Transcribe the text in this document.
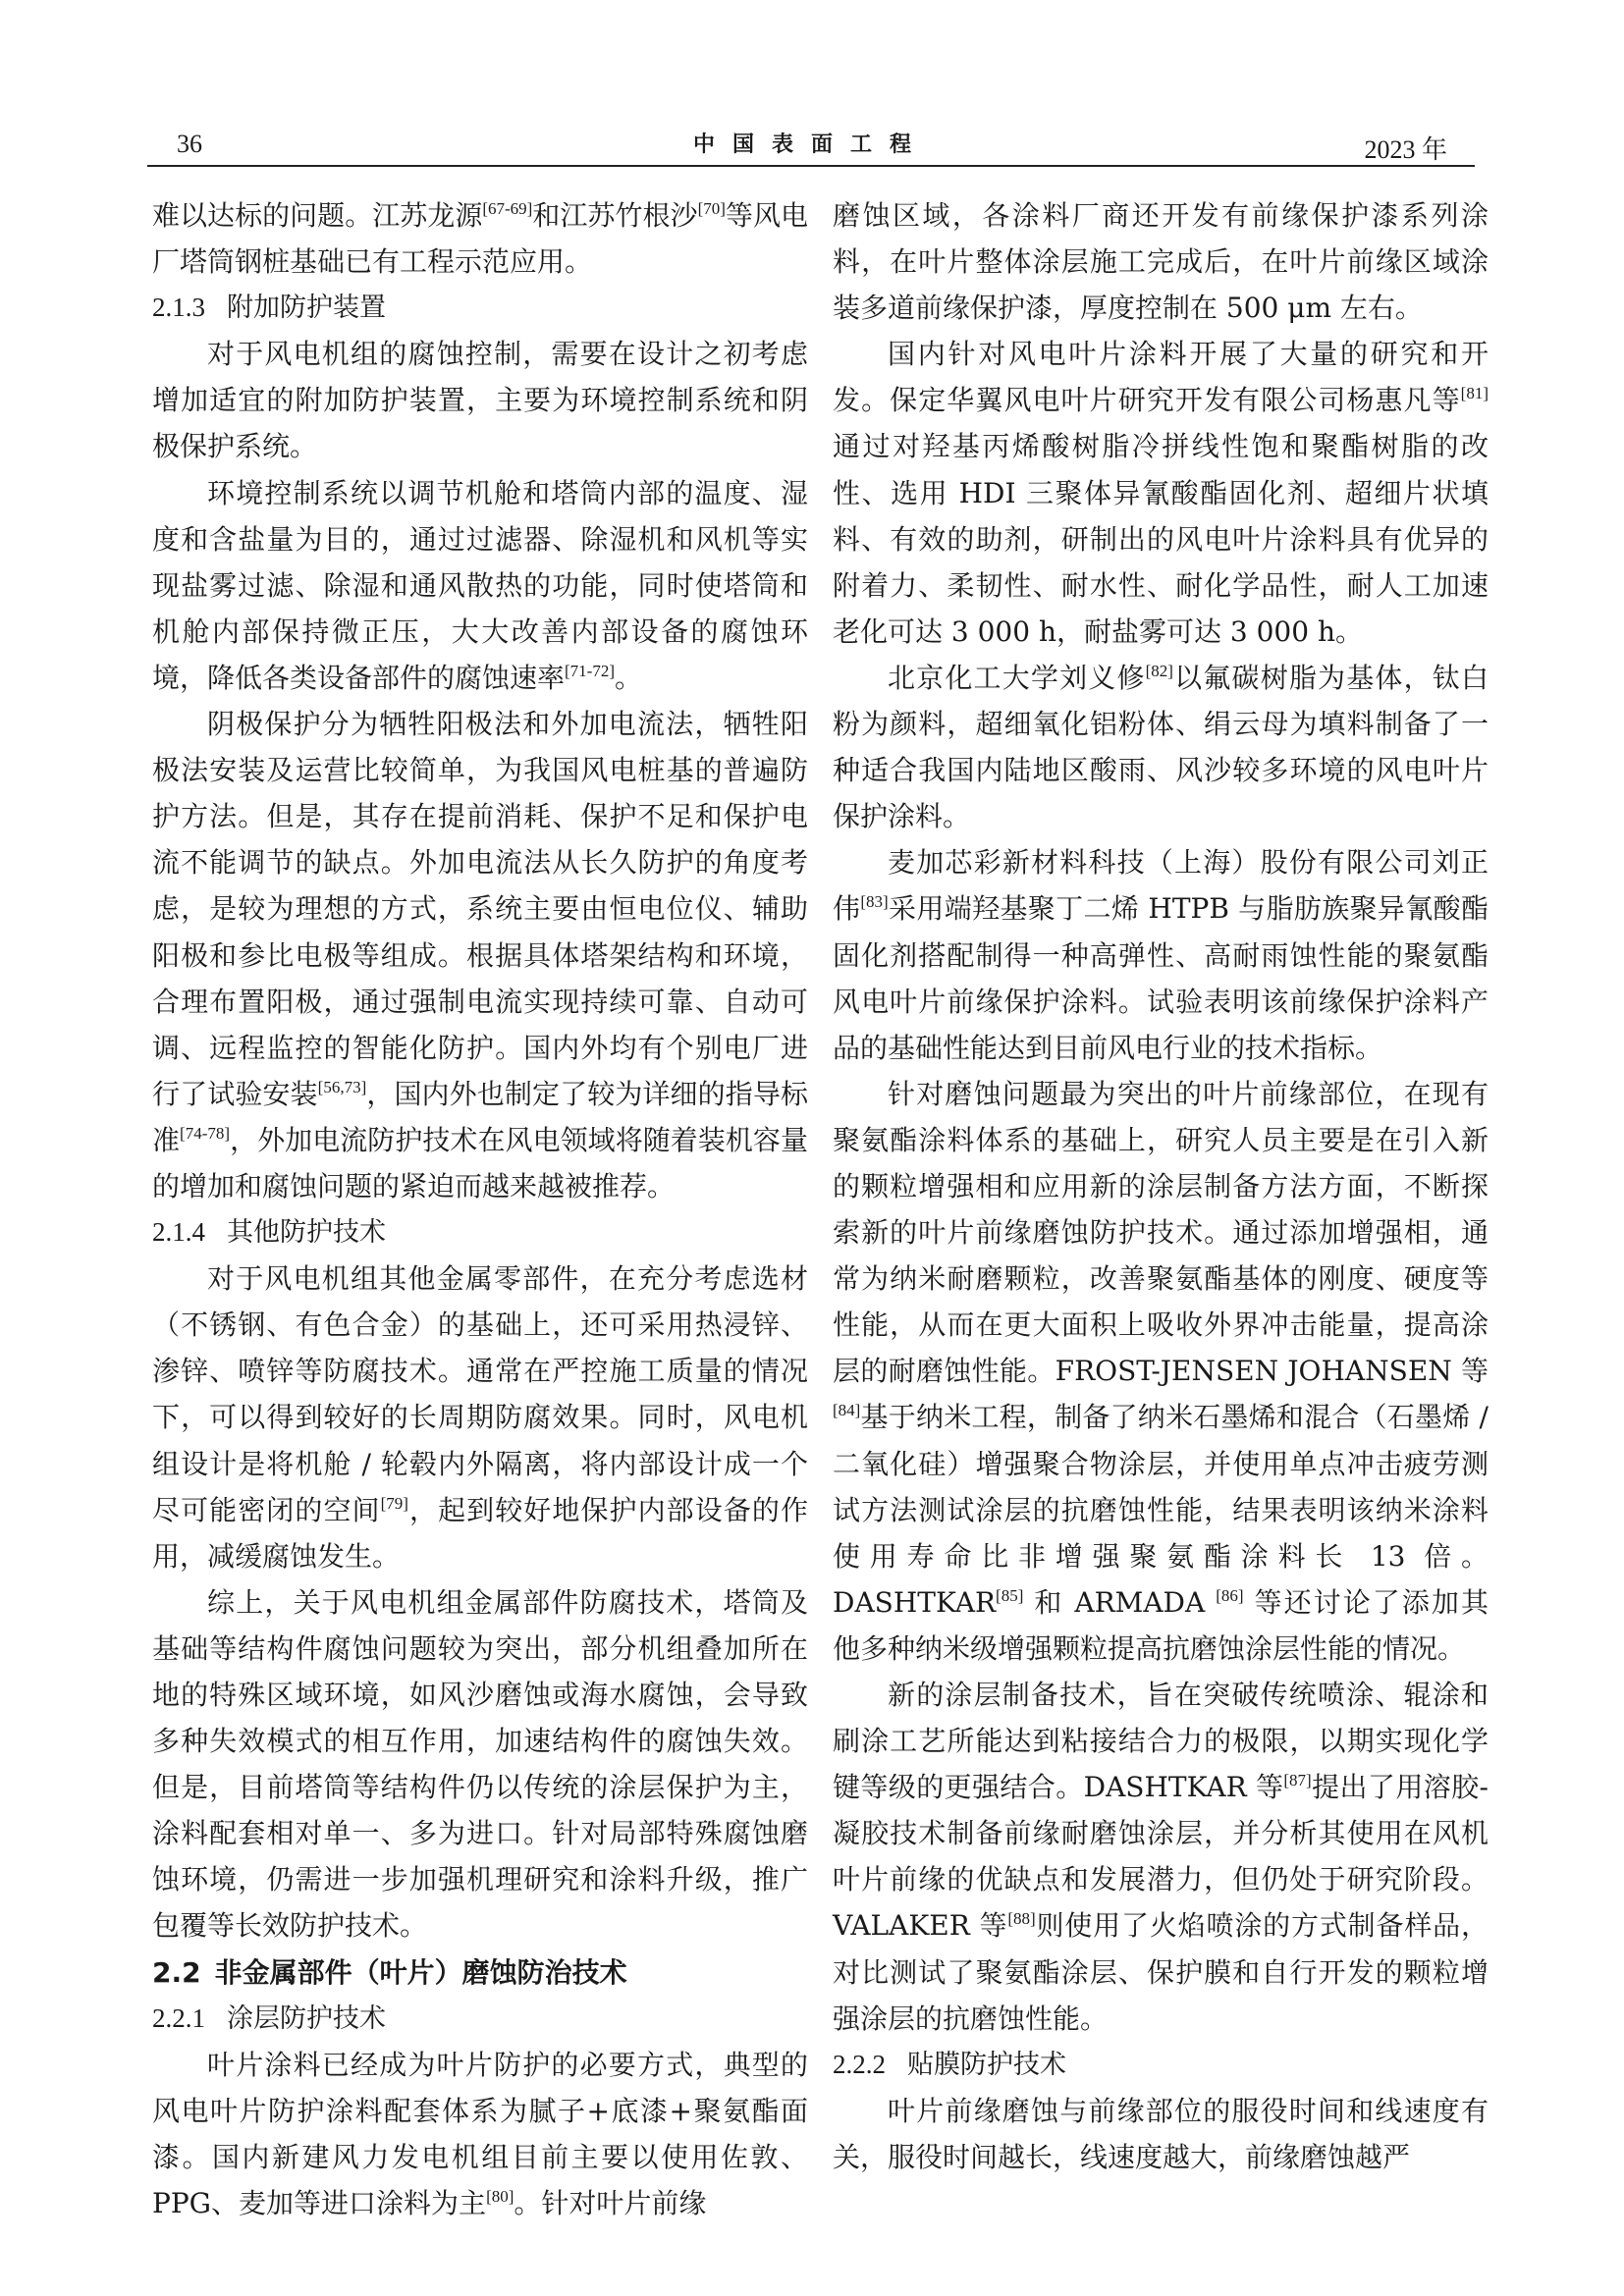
36	中国表面工程	2023 年

难以达标的问题。江苏龙源[67-69]和江苏竹根沙[70]等风电厂塔筒钢桩基础已有工程示范应用。

2.1.3 附加防护装置

对于风电机组的腐蚀控制，需要在设计之初考虑增加适宜的附加防护装置，主要为环境控制系统和阴极保护系统。

环境控制系统以调节机舱和塔筒内部的温度、湿度和含盐量为目的，通过过滤器、除湿机和风机等实现盐雾过滤、除湿和通风散热的功能，同时使塔筒和机舱内部保持微正压，大大改善内部设备的腐蚀环境，降低各类设备部件的腐蚀速率[71-72]。

阴极保护分为牺牲阳极法和外加电流法，牺牲阳极法安装及运营比较简单，为我国风电桩基的普遍防护方法。但是，其存在提前消耗、保护不足和保护电流不能调节的缺点。外加电流法从长久防护的角度考虑，是较为理想的方式，系统主要由恒电位仪、辅助阳极和参比电极等组成。根据具体塔架结构和环境，合理布置阳极，通过强制电流实现持续可靠、自动可调、远程监控的智能化防护。国内外均有个别电厂进行了试验安装[56,73]，国内外也制定了较为详细的指导标准[74-78]，外加电流防护技术在风电领域将随着装机容量的增加和腐蚀问题的紧迫而越来越被推荐。

2.1.4 其他防护技术

对于风电机组其他金属零部件，在充分考虑选材（不锈钢、有色合金）的基础上，还可采用热浸锌、渗锌、喷锌等防腐技术。通常在严控施工质量的情况下，可以得到较好的长周期防腐效果。同时，风电机组设计是将机舱 / 轮毂内外隔离，将内部设计成一个尽可能密闭的空间[79]，起到较好地保护内部设备的作用，减缓腐蚀发生。

综上，关于风电机组金属部件防腐技术，塔筒及基础等结构件腐蚀问题较为突出，部分机组叠加所在地的特殊区域环境，如风沙磨蚀或海水腐蚀，会导致多种失效模式的相互作用，加速结构件的腐蚀失效。但是，目前塔筒等结构件仍以传统的涂层保护为主，涂料配套相对单一、多为进口。针对局部特殊腐蚀磨蚀环境，仍需进一步加强机理研究和涂料升级，推广包覆等长效防护技术。

2.2 非金属部件（叶片）磨蚀防治技术
2.2.1 涂层防护技术

叶片涂料已经成为叶片防护的必要方式，典型的风电叶片防护涂料配套体系为腻子+底漆+聚氨酯面漆。国内新建风力发电机组目前主要以使用佐敦、PPG、麦加等进口涂料为主[80]。针对叶片前缘

磨蚀区域，各涂料厂商还开发有前缘保护漆系列涂料，在叶片整体涂层施工完成后，在叶片前缘区域涂装多道前缘保护漆，厚度控制在 500 μm 左右。

国内针对风电叶片涂料开展了大量的研究和开发。保定华翼风电叶片研究开发有限公司杨惠凡等[81]通过对羟基丙烯酸树脂冷拼线性饱和聚酯树脂的改性、选用 HDI 三聚体异氰酸酯固化剂、超细片状填料、有效的助剂，研制出的风电叶片涂料具有优异的附着力、柔韧性、耐水性、耐化学品性，耐人工加速老化可达 3 000 h，耐盐雾可达 3 000 h。

北京化工大学刘义修[82]以氟碳树脂为基体，钛白粉为颜料，超细氧化铝粉体、绢云母为填料制备了一种适合我国内陆地区酸雨、风沙较多环境的风电叶片保护涂料。

麦加芯彩新材料科技（上海）股份有限公司刘正伟[83]采用端羟基聚丁二烯 HTPB 与脂肪族聚异氰酸酯固化剂搭配制得一种高弹性、高耐雨蚀性能的聚氨酯风电叶片前缘保护涂料。试验表明该前缘保护涂料产品的基础性能达到目前风电行业的技术指标。

针对磨蚀问题最为突出的叶片前缘部位，在现有聚氨酯涂料体系的基础上，研究人员主要是在引入新的颗粒增强相和应用新的涂层制备方法方面，不断探索新的叶片前缘磨蚀防护技术。通过添加增强相，通常为纳米耐磨颗粒，改善聚氨酯基体的刚度、硬度等性能，从而在更大面积上吸收外界冲击能量，提高涂层的耐磨蚀性能。FROST-JENSEN JOHANSEN 等[84]基于纳米工程，制备了纳米石墨烯和混合（石墨烯 / 二氧化硅）增强聚合物涂层，并使用单点冲击疲劳测试方法测试涂层的抗磨蚀性能，结果表明该纳米涂料使用寿命比非增强聚氨酯涂料长 13 倍。DASHTKAR[85] 和 ARMADA [86] 等还讨论了添加其他多种纳米级增强颗粒提高抗磨蚀涂层性能的情况。

新的涂层制备技术，旨在突破传统喷涂、辊涂和刷涂工艺所能达到粘接结合力的极限，以期实现化学键等级的更强结合。DASHTKAR 等[87]提出了用溶胶-凝胶技术制备前缘耐磨蚀涂层，并分析其使用在风机叶片前缘的优缺点和发展潜力，但仍处于研究阶段。VALAKER 等[88]则使用了火焰喷涂的方式制备样品，对比测试了聚氨酯涂层、保护膜和自行开发的颗粒增强涂层的抗磨蚀性能。

2.2.2 贴膜防护技术

叶片前缘磨蚀与前缘部位的服役时间和线速度有关，服役时间越长，线速度越大，前缘磨蚀越严
